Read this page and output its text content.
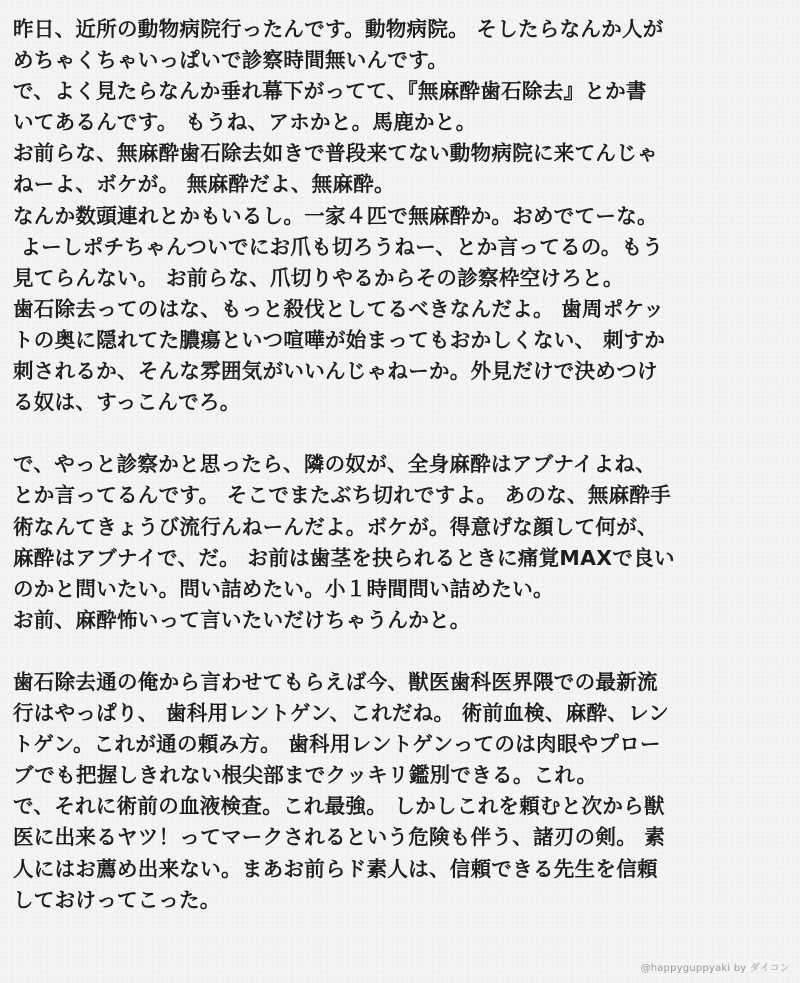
昨日、近所の動物病院行ったんです。動物病院。 そしたらなんか人が
めちゃくちゃいっぱいで診察時間無いんです。
で、よく見たらなんか垂れ幕下がってて、『無麻酔歯石除去』とか書
いてあるんです。 もうね、アホかと。馬鹿かと。
お前らな、無麻酔歯石除去如きで普段来てない動物病院に来てんじゃ
ねーよ、ボケが。 無麻酔だよ、無麻酔。
なんか数頭連れとかもいるし。一家４匹で無麻酔か。おめでてーな。
よーしポチちゃんついでにお爪も切ろうねー、とか言ってるの。もう
見てらんない。 お前らな、爪切りやるからその診察枠空けろと。
歯石除去ってのはな、もっと殺伐としてるべきなんだよ。 歯周ポケッ
トの奥に隠れてた膿瘍といつ喧嘩が始まってもおかしくない、 刺すか
刺されるか、そんな雰囲気がいいんじゃねーか。外見だけで決めつけ
る奴は、すっこんでろ。
で、やっと診察かと思ったら、隣の奴が、全身麻酔はアブナイよね、
とか言ってるんです。 そこでまたぶち切れですよ。 あのな、無麻酔手
術なんてきょうび流行んねーんだよ。ボケが。得意げな顔して何が、
麻酔はアブナイで、だ。 お前は歯茎を抉られるときに痛覚MAXで良い
のかと問いたい。問い詰めたい。小１時間問い詰めたい。
お前、麻酔怖いって言いたいだけちゃうんかと。
歯石除去通の俺から言わせてもらえば今、獣医歯科医界隈での最新流
行はやっぱり、 歯科用レントゲン、これだね。 術前血検、麻酔、レン
トゲン。これが通の頼み方。 歯科用レントゲンってのは肉眼やプロー
ブでも把握しきれない根尖部までクッキリ鑑別できる。これ。
で、それに術前の血液検査。これ最強。 しかしこれを頼むと次から獣
医に出来るヤツ！ってマークされるという危険も伴う、諸刃の剣。 素
人にはお薦め出来ない。まあお前らド素人は、信頼できる先生を信頼
しておけってこった。
@happyguppyaki by ダイコン
